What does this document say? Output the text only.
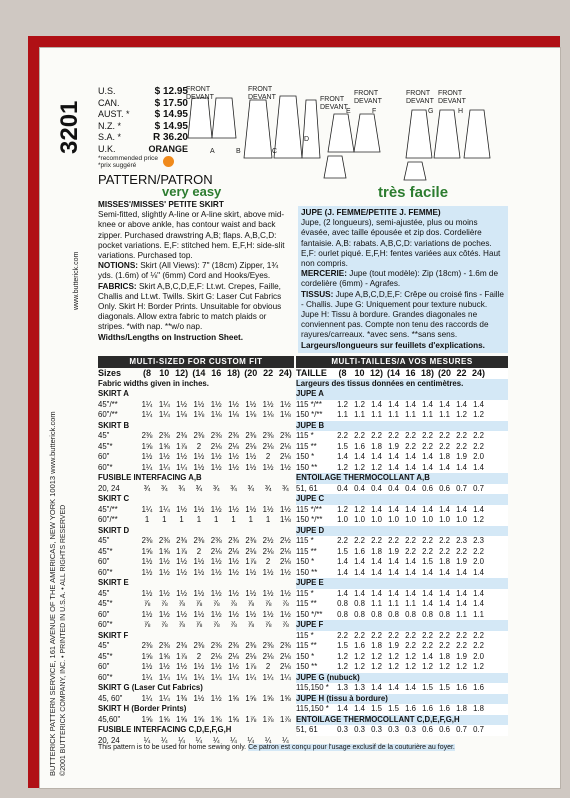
3201
BUTTERICK PATTERN SERVICE, 161 AVENUE OF THE AMERICAS, NEW YORK 10013 www.butterick.com ©2001 BUTTERICK COMPANY, INC. • PRINTED IN U.S.A. • ALL RIGHTS RESERVED
www.butterick.com
U.S.	$ 12.95
CAN.	$ 17.50
AUST. *	$ 14.95
N.Z. *	$ 14.95
S.A. *	R 36.20
U.K.	ORANGE
*recommended price
*prix suggéré
PATTERN/PATRON
very easy	très facile
FRONT
DEVANT
FRONT
DEVANT	FRONT
DEVANT
FRONT
DEVANT
FRONT
DEVANT
FRONT
DEVANT
A	B	C
D
E	F	G	H
MISSES'/MISSES' PETITE SKIRT
Semi-fitted, slightly A-line or A-line skirt, above mid-knee or above ankle, has contour waist and back zipper. Purchased drawstring A,B; flaps. A,B,C,D: pocket variations. E,F: stitched hem. E,F,H: side-slit variations. Purchased top.
NOTIONS: Skirt (All Views): 7" (18cm) Zipper, 1¾ yds. (1.6m) of ⅛" (6mm) Cord and Hooks/Eyes.
FABRICS: Skirt A,B,C,D,E,F: Lt.wt. Crepes, Faille, Challis and Lt.wt. Twills. Skirt G: Laser Cut Fabrics Only. Skirt H: Border Prints. Unsuitable for obvious diagonals. Allow extra fabric to match plaids or stripes. *with nap. **w/o nap.
Widths/Lengths on Instruction Sheet.
JUPE (J. FEMME/PETITE J. FEMME)
Jupe, (2 longueurs), semi-ajustée, plus ou moins évasée, avec taille épousée et zip dos. Cordelière fantaisie. A,B: rabats. A,B,C,D: variations de poches. E,F: ourlet piqué. E,F,H: fentes variées aux côtés. Haut non compris.
MERCERIE: Jupe (tout modèle): Zip (18cm) - 1.6m de cordelière (6mm) - Agrafes.
TISSUS: Jupe A,B,C,D,E,F: Crêpe ou croisé fins - Faille - Challis. Jupe G: Uniquement pour texture nubuck. Jupe H: Tissu à bordure. Grandes diagonales ne conviennent pas. Compte non tenu des raccords de rayures/carreaux. *avec sens. **sans sens.
Largeurs/longueurs sur feuillets d'explications.
MULTI-SIZED FOR CUSTOM FIT
Sizes	(8 10 12) (14 16 18) (20 22 24)
Fabric widths given in inches.
SKIRT A
45"/**	1¼ 1¼ 1½ 1½ 1½ 1½ 1½ 1½ 1½
60"/**	1¼ 1¼ 1⅛ 1⅛ 1⅛ 1⅛ 1⅛ 1⅛ 1⅛
SKIRT B
45"	2⅜ 2⅜ 2⅜ 2⅜ 2⅜ 2⅜ 2⅜ 2⅜ 2⅜
45"*	1⅝ 1⅝ 1⅞	2	2⅛ 2⅛ 2⅛ 2⅛ 2⅛
60"	1½ 1½ 1½ 1½ 1½ 1½ 1½	2	2⅛
60"*	1¼ 1¼ 1¼ 1½ 1½ 1½ 1½ 1½ 1½
FUSIBLE INTERFACING A,B
20, 24	¾	¾	¾	¾	¾	¾	¾	¾	¾
SKIRT C
45"/**	1¼ 1¼ 1½ 1½ 1½ 1½ 1½ 1½ 1½
60"/**	1	1	1	1	1	1	1	1	1⅛
SKIRT D
45"	2⅜ 2⅜ 2⅜ 2⅜ 2⅜ 2⅜ 2⅜ 2½ 2½
45"*	1⅝ 1⅝ 1⅞	2	2⅛ 2⅛ 2⅛ 2⅛ 2⅛
60"	1½ 1½ 1½ 1½ 1½ 1½ 1⅞	2	2⅛
60"*	1½ 1½ 1½ 1½ 1½ 1½ 1½ 1½ 1½
SKIRT E
45"	1½ 1½ 1½ 1½ 1½ 1½ 1½ 1½ 1½
45"*	⅞	⅞	⅞	⅞	⅞	⅞	⅞	⅞	⅞
60"	1½ 1½ 1½ 1½ 1½ 1½ 1½ 1½ 1½
60"*	⅞	⅞	⅞	⅞	⅞	⅞	⅞	⅞	⅞
SKIRT F
45"	2⅜ 2⅜ 2⅜ 2⅜ 2⅜ 2⅜ 2⅜ 2⅜ 2⅜
45"*	1⅝ 1⅝ 1⅞	2	2⅛ 2⅛ 2⅛ 2⅛ 2⅛
60"	1½ 1½ 1½ 1½ 1½ 1½ 1⅞	2	2⅛
60"*	1¼ 1¼ 1¼ 1¼ 1¼ 1¼ 1¼ 1¼ 1¼
SKIRT G (Laser Cut Fabrics)
45, 60"	1¼ 1¼ 1⅜ 1½ 1½ 1⅝ 1⅝ 1⅝ 1⅝
SKIRT H (Border Prints)
45,60"	1⅝ 1⅝ 1⅝ 1⅝ 1⅝ 1⅝ 1⅞ 1⅞ 1⅞
FUSIBLE INTERFACING C,D,E,F,G,H
20, 24	¼	¼	¼	¼	¼	¼	¼	¼	¼
MULTI-TAILLES/A VOS MESURES
TAILLE	(8 10 12) (14 16 18) (20 22 24)
Largeurs des tissus données en centimètres.
JUPE A
115 */**	1.2 1.2 1.4 1.4 1.4 1.4 1.4 1.4 1.4
150 */**	1.1 1.1 1.1 1.1 1.1 1.1 1.1 1.2 1.2
JUPE B
115 *	2.2 2.2 2.2 2.2 2.2 2.2 2.2 2.2 2.2
115 **	1.5 1.6 1.8 1.9 2.2 2.2 2.2 2.2 2.2
150 *	1.4 1.4 1.4 1.4 1.4 1.4 1.8 1.9 2.0
150 **	1.2 1.2 1.2 1.4 1.4 1.4 1.4 1.4 1.4
ENTOILAGE THERMOCOLLANT A,B
51, 61	0.4 0.4 0.4 0.4 0.4 0.6 0.6 0.7 0.7
JUPE C
115 */**	1.2 1.2 1.4 1.4 1.4 1.4 1.4 1.4 1.4
150 */**	1.0 1.0 1.0 1.0 1.0 1.0 1.0 1.0 1.2
JUPE D
115 *	2.2 2.2 2.2 2.2 2.2 2.2 2.2 2.3 2.3
115 **	1.5 1.6 1.8 1.9 2.2 2.2 2.2 2.2 2.2
150 *	1.4 1.4 1.4 1.4 1.4 1.5 1.8 1.9 2.0
150 **	1.4 1.4 1.4 1.4 1.4 1.4 1.4 1.4 1.4
JUPE E
115 *	1.4 1.4 1.4 1.4 1.4 1.4 1.4 1.4 1.4
115 **	0.8 0.8 1.1 1.1 1.1 1.4 1.4 1.4 1.4
150 */**	0.8 0.8 0.8 0.8 0.8 0.8 0.8 1.1 1.1
JUPE F
115 *	2.2 2.2 2.2 2.2 2.2 2.2 2.2 2.2 2.2
115 **	1.5 1.6 1.8 1.9 2.2 2.2 2.2 2.2 2.2
150 *	1.2 1.2 1.2 1.2 1.2 1.4 1.8 1.9 2.0
150 **	1.2 1.2 1.2 1.2 1.2 1.2 1.2 1.2 1.2
JUPE G (nubuck)
115,150 *	1.3 1.3 1.4 1.4 1.4 1.5 1.5 1.6 1.6
JUPE H (tissu à bordure)
115,150 *	1.4 1.4 1.5 1.5 1.6 1.6 1.6 1.8 1.8
ENTOILAGE THERMOCOLLANT C,D,E,F,G,H
51, 61	0.3 0.3 0.3 0.3 0.3 0.6 0.6 0.7 0.7
This pattern is to be used for home sewing only. Ce patron est conçu pour l'usage exclusif de la couturière au foyer.
